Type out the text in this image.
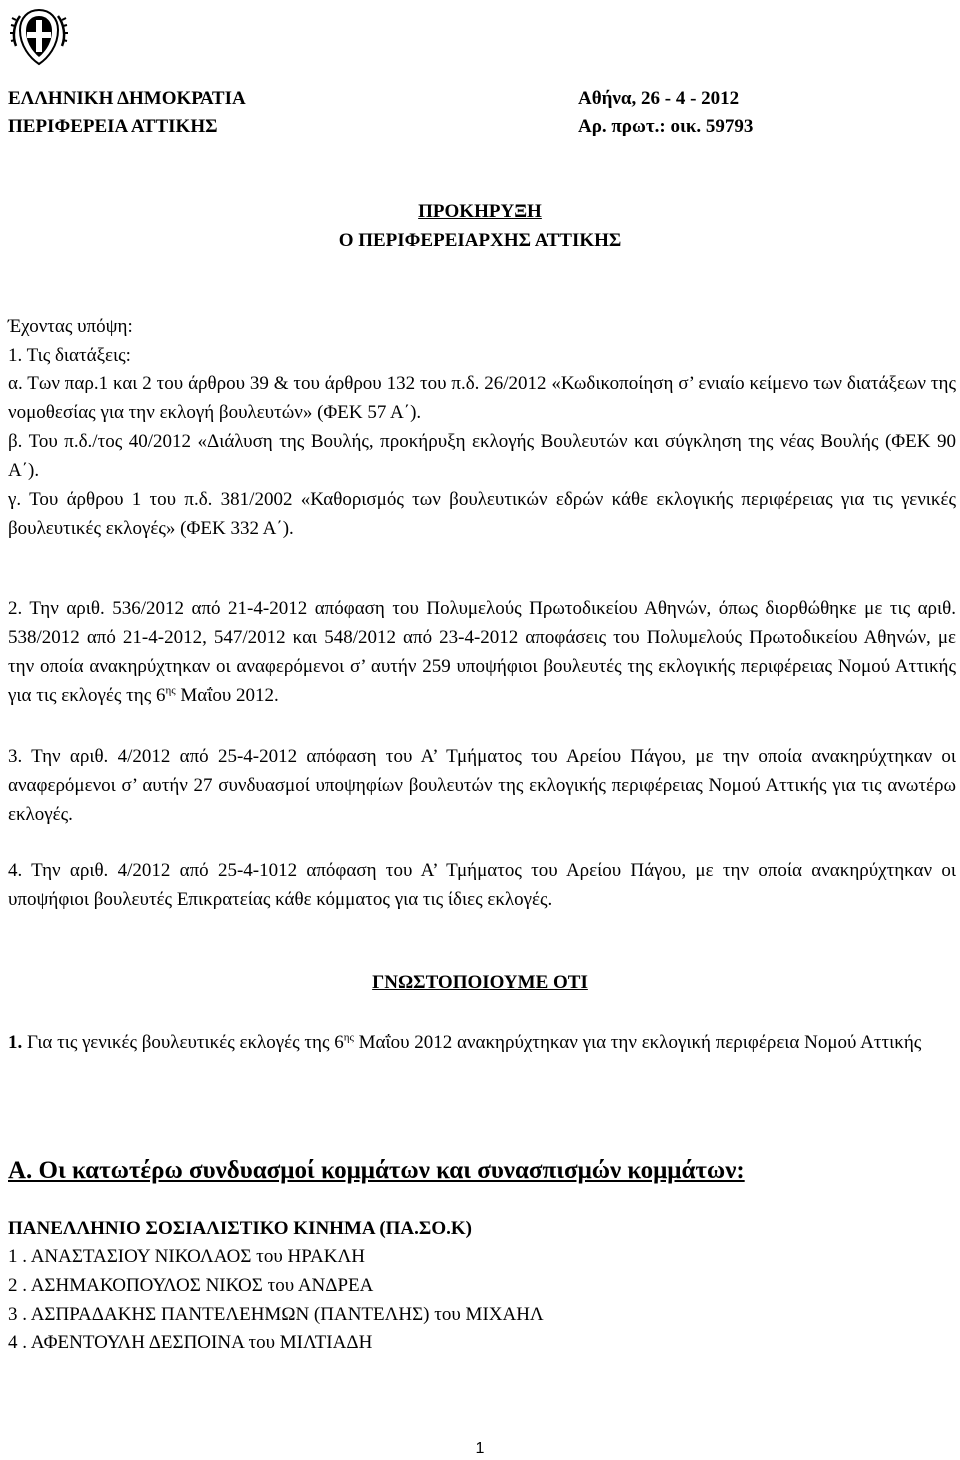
ΕΛΛΗΝΙΚΗ ΔΗΜΟΚΡΑΤΙΑ
ΠΕΡΙΦΕΡΕΙΑ ΑΤΤΙΚΗΣ
Αθήνα, 26 - 4 - 2012
Αρ. πρωτ.: οικ. 59793
ΠΡΟΚΗΡΥΞΗ
Ο ΠΕΡΙΦΕΡΕΙΑΡΧΗΣ ΑΤΤΙΚΗΣ
Έχοντας υπόψη:
1. Τις διατάξεις:
α. Των παρ.1 και 2 του άρθρου 39 & του άρθρου 132 του π.δ. 26/2012 «Κωδικοποίηση σ’ ενιαίο κείμενο των διατάξεων της νομοθεσίας για την εκλογή βουλευτών» (ΦΕΚ 57 Α΄).
β. Του π.δ./τος 40/2012 «Διάλυση της Βουλής, προκήρυξη εκλογής Βουλευτών και σύγκληση της νέας Βουλής (ΦΕΚ 90 Α΄).
γ. Του άρθρου 1 του π.δ. 381/2002 «Καθορισμός των βουλευτικών εδρών κάθε εκλογικής περιφέρειας για τις γενικές βουλευτικές εκλογές» (ΦΕΚ 332 Α΄).
2. Την αριθ. 536/2012 από 21-4-2012 απόφαση του Πολυμελούς Πρωτοδικείου Αθηνών, όπως διορθώθηκε με τις αριθ. 538/2012 από 21-4-2012, 547/2012 και 548/2012 από 23-4-2012 αποφάσεις του Πολυμελούς Πρωτοδικείου Αθηνών, με την οποία ανακηρύχτηκαν οι αναφερόμενοι σ’ αυτήν 259 υποψήφιοι βουλευτές της εκλογικής περιφέρειας Νομού Αττικής για τις εκλογές της $6^{\eta\varsigma}$ Μαΐου 2012.
3. Την αριθ. 4/2012 από 25-4-2012 απόφαση του Α’ Τμήματος του Αρείου Πάγου, με την οποία ανακηρύχτηκαν οι αναφερόμενοι σ’ αυτήν 27 συνδυασμοί υποψηφίων βουλευτών της εκλογικής περιφέρειας Νομού Αττικής για τις ανωτέρω εκλογές.
4. Την αριθ. 4/2012 από 25-4-1012 απόφαση του Α’ Τμήματος του Αρείου Πάγου, με την οποία ανακηρύχτηκαν οι υποψήφιοι βουλευτές Επικρατείας κάθε κόμματος για τις ίδιες εκλογές.
ΓΝΩΣΤΟΠΟΙΟΥΜΕ ΟΤΙ
1. Για τις γενικές βουλευτικές εκλογές της $6^{\eta\varsigma}$ Μαΐου 2012 ανακηρύχτηκαν για την εκλογική περιφέρεια Νομού Αττικής
Α. Οι κατωτέρω συνδυασμοί κομμάτων και συνασπισμών κομμάτων:
ΠΑΝΕΛΛΗΝΙΟ ΣΟΣΙΑΛΙΣΤΙΚΟ ΚΙΝΗΜΑ (ΠΑ.ΣΟ.Κ)
1 . ΑΝΑΣΤΑΣΙΟΥ ΝΙΚΟΛΑΟΣ του ΗΡΑΚΛΗ
2 . ΑΣΗΜΑΚΟΠΟΥΛΟΣ ΝΙΚΟΣ του ΑΝΔΡΕΑ
3 . ΑΣΠΡΑΔΑΚΗΣ ΠΑΝΤΕΛΕΗΜΩΝ (ΠΑΝΤΕΛΗΣ) του ΜΙΧΑΗΛ
4 . ΑΦΕΝΤΟΥΛΗ ΔΕΣΠΟΙΝΑ του ΜΙΛΤΙΑΔΗ
1
